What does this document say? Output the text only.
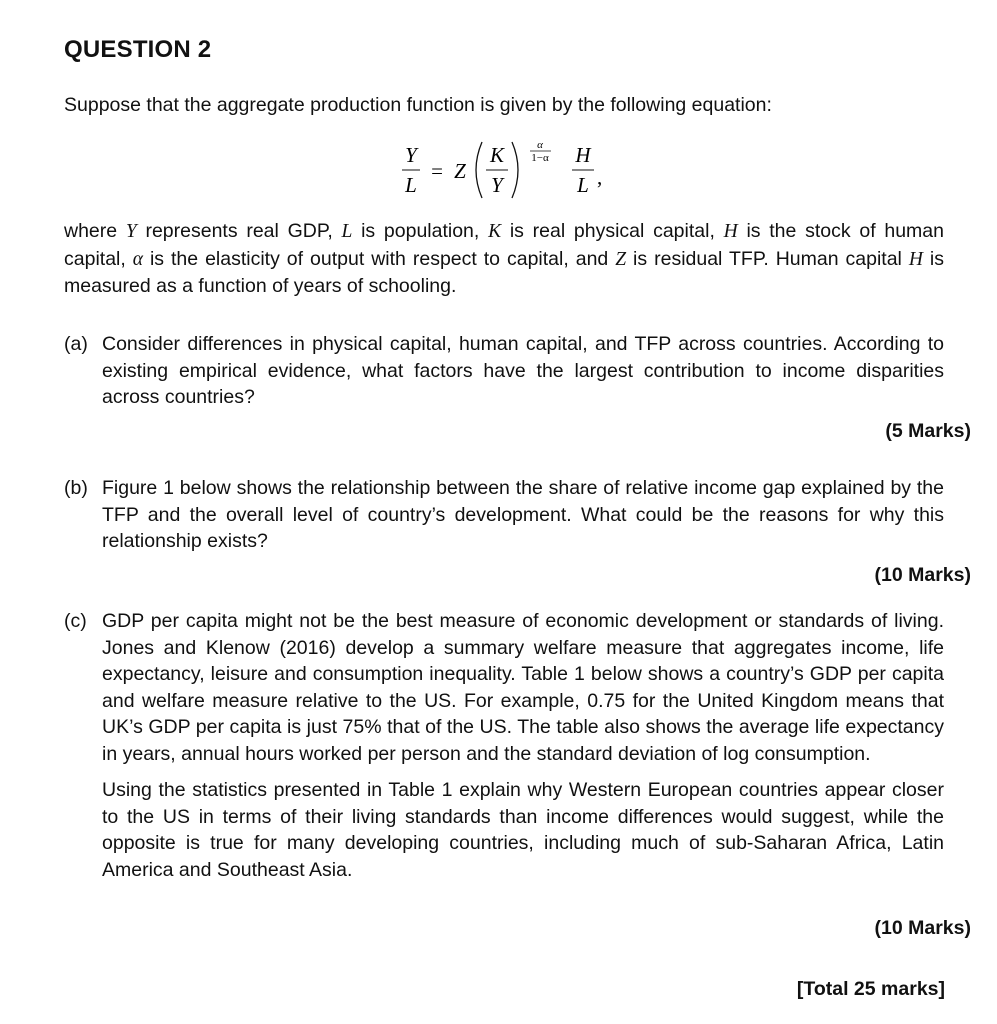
QUESTION 2
Suppose that the aggregate production function is given by the following equation:
Y
L
= Z
K
Y
α
1−α H
L ,
where Y represents real GDP, L is population, K is real physical capital, H is the stock of human capital, α is the elasticity of output with respect to capital, and Z is residual TFP. Human capital H is measured as a function of years of schooling.
(a) Consider differences in physical capital, human capital, and TFP across countries. According to existing empirical evidence, what factors have the largest contribution to income disparities across countries?
(5 Marks)
(b) Figure 1 below shows the relationship between the share of relative income gap explained by the TFP and the overall level of country’s development. What could be the reasons for why this relationship exists?
(10 Marks)
(c) GDP per capita might not be the best measure of economic development or standards of living. Jones and Klenow (2016) develop a summary welfare measure that aggregates income, life expectancy, leisure and consumption inequality. Table 1 below shows a country’s GDP per capita and welfare measure relative to the US. For example, 0.75 for the United Kingdom means that UK’s GDP per capita is just 75% that of the US. The table also shows the average life expectancy in years, annual hours worked per person and the standard deviation of log consumption.
Using the statistics presented in Table 1 explain why Western European countries appear closer to the US in terms of their living standards than income differences would suggest, while the opposite is true for many developing countries, including much of sub-Saharan Africa, Latin America and Southeast Asia.
(10 Marks)
[Total 25 marks]
